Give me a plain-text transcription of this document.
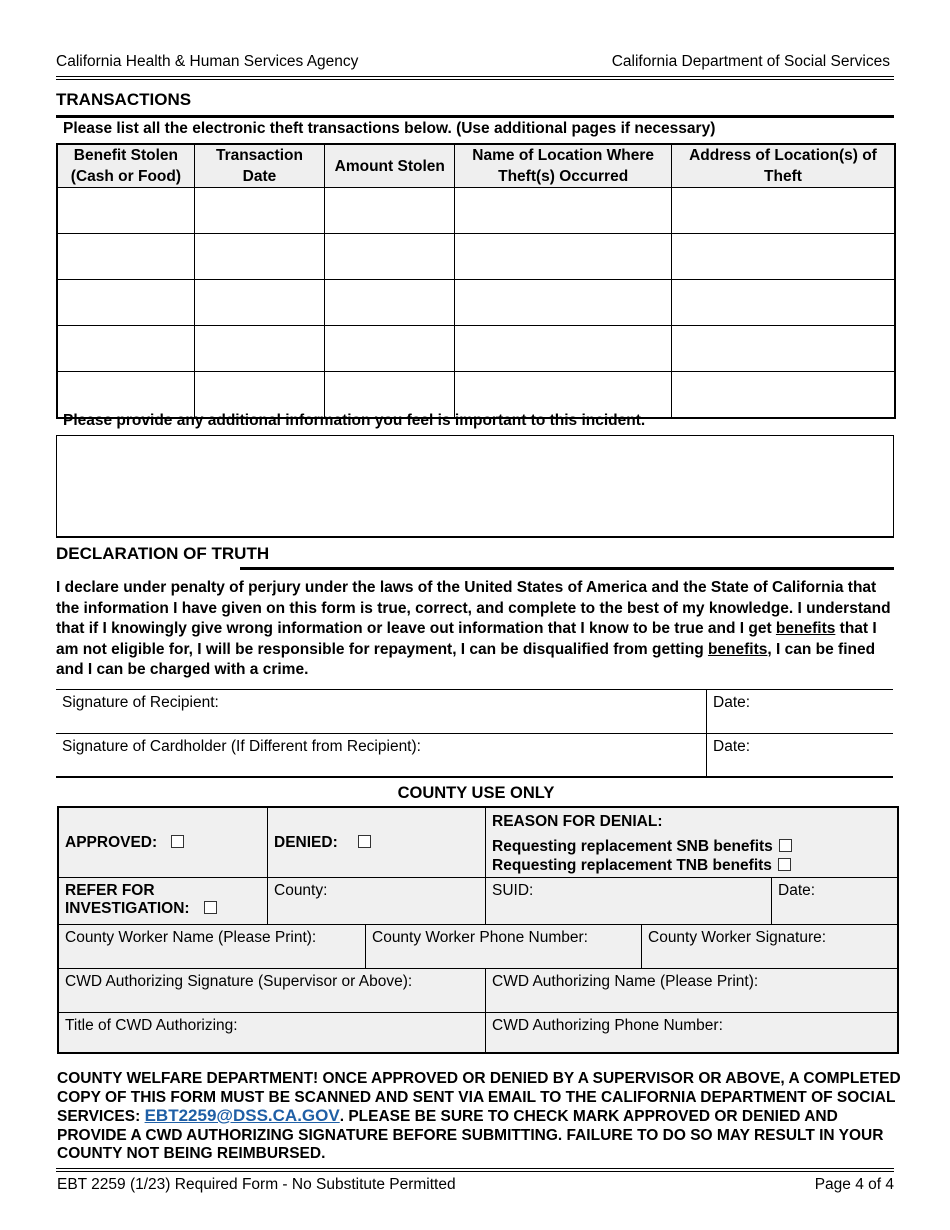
California Health & Human Services Agency	California Department of Social Services
TRANSACTIONS
Please list all the electronic theft transactions below. (Use additional pages if necessary)
Benefit Stolen (Cash or Food)	Transaction Date	Amount Stolen	Name of Location Where Theft(s) Occurred	Address of Location(s) of Theft

Please provide any additional information you feel is important to this incident.
DECLARATION OF TRUTH
I declare under penalty of perjury under the laws of the United States of America and the State of California that the information I have given on this form is true, correct, and complete to the best of my knowledge. I understand that if I knowingly give wrong information or leave out information that I know to be true and I get benefits that I am not eligible for, I will be responsible for repayment, I can be disqualified from getting benefits, I can be fined and I can be charged with a crime.
Signature of Recipient:	Date:
Signature of Cardholder (If Different from Recipient):	Date:
COUNTY USE ONLY
APPROVED:	DENIED:
REASON FOR DENIAL:
Requesting replacement SNB benefits
Requesting replacement TNB benefits
REFER FOR
INVESTIGATION:
County:	SUID:	Date:
County Worker Name (Please Print):	County Worker Phone Number:	County Worker Signature:
CWD Authorizing Signature (Supervisor or Above):	CWD Authorizing Name (Please Print):
Title of CWD Authorizing:	CWD Authorizing Phone Number:
COUNTY WELFARE DEPARTMENT! ONCE APPROVED OR DENIED BY A SUPERVISOR OR ABOVE, A COMPLETED COPY OF THIS FORM MUST BE SCANNED AND SENT VIA EMAIL TO THE CALIFORNIA DEPARTMENT OF SOCIAL SERVICES: EBT2259@DSS.CA.GOV. PLEASE BE SURE TO CHECK MARK APPROVED OR DENIED AND PROVIDE A CWD AUTHORIZING SIGNATURE BEFORE SUBMITTING. FAILURE TO DO SO MAY RESULT IN YOUR COUNTY NOT BEING REIMBURSED.
EBT 2259 (1/23) Required Form - No Substitute Permitted	Page 4 of 4
